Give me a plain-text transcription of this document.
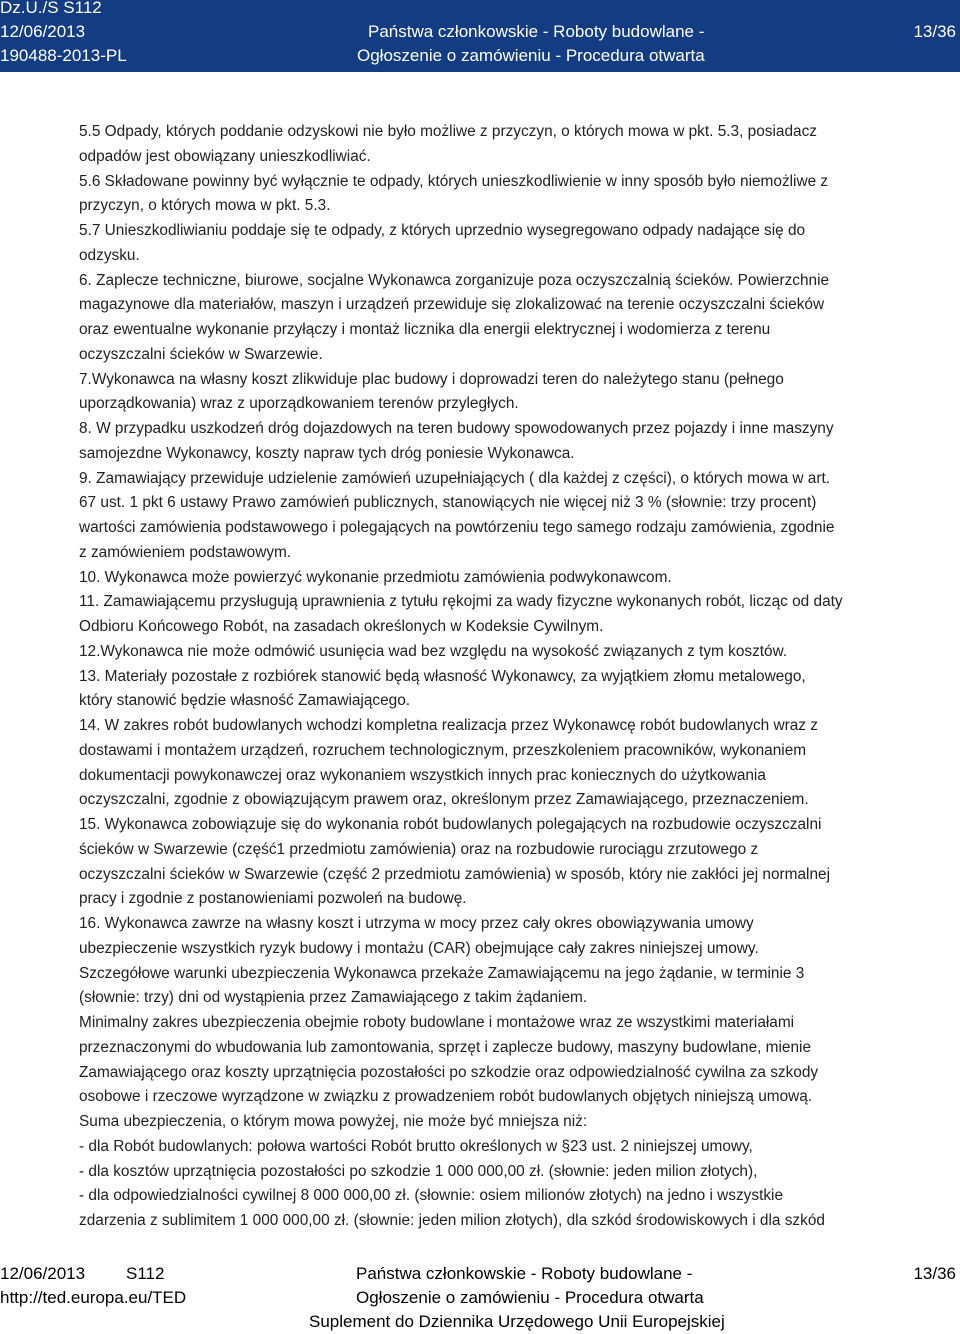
Dz.U./S S112
12/06/2013
190488-2013-PL
Państwa członkowskie - Roboty budowlane -
Ogłoszenie o zamówieniu - Procedura otwarta
13/36

5.5 Odpady, których poddanie odzyskowi nie było możliwe z przyczyn, o których mowa w pkt. 5.3, posiadacz

odpadów jest obowiązany unieszkodliwiać.

5.6 Składowane powinny być wyłącznie te odpady, których unieszkodliwienie w inny sposób było niemożliwe z

przyczyn, o których mowa w pkt. 5.3.

5.7 Unieszkodliwianiu poddaje się te odpady, z których uprzednio wysegregowano odpady nadające się do

odzysku.

6. Zaplecze techniczne, biurowe, socjalne Wykonawca zorganizuje poza oczyszczalnią ścieków. Powierzchnie

magazynowe dla materiałów, maszyn i urządzeń przewiduje się zlokalizować na terenie oczyszczalni ścieków

oraz ewentualne wykonanie przyłączy i montaż licznika dla energii elektrycznej i wodomierza z terenu

oczyszczalni ścieków w Swarzewie.

7.Wykonawca na własny koszt zlikwiduje plac budowy i doprowadzi teren do należytego stanu (pełnego

uporządkowania) wraz z uporządkowaniem terenów przyległych.

8. W przypadku uszkodzeń dróg dojazdowych na teren budowy spowodowanych przez pojazdy i inne maszyny

samojezdne Wykonawcy, koszty napraw tych dróg poniesie Wykonawca.

9. Zamawiający przewiduje udzielenie zamówień uzupełniających ( dla każdej z części), o których mowa w art.

67 ust. 1 pkt 6 ustawy Prawo zamówień publicznych, stanowiących nie więcej niż 3 % (słownie: trzy procent)

wartości zamówienia podstawowego i polegających na powtórzeniu tego samego rodzaju zamówienia, zgodnie

z zamówieniem podstawowym.

10. Wykonawca może powierzyć wykonanie przedmiotu zamówienia podwykonawcom.

11. Zamawiającemu przysługują uprawnienia z tytułu rękojmi za wady fizyczne wykonanych robót, licząc od daty

Odbioru Końcowego Robót, na zasadach określonych w Kodeksie Cywilnym.

12.Wykonawca nie może odmówić usunięcia wad bez względu na wysokość związanych z tym kosztów.

13. Materiały pozostałe z rozbiórek stanowić będą własność Wykonawcy, za wyjątkiem złomu metalowego,

który stanowić będzie własność Zamawiającego.

14. W zakres robót budowlanych wchodzi kompletna realizacja przez Wykonawcę robót budowlanych wraz z

dostawami i montażem urządzeń, rozruchem technologicznym, przeszkoleniem pracowników, wykonaniem

dokumentacji powykonawczej oraz wykonaniem wszystkich innych prac koniecznych do użytkowania

oczyszczalni, zgodnie z obowiązującym prawem oraz, określonym przez Zamawiającego, przeznaczeniem.

15. Wykonawca zobowiązuje się do wykonania robót budowlanych polegających na rozbudowie oczyszczalni

ścieków w Swarzewie (część1 przedmiotu zamówienia) oraz na rozbudowie rurociągu zrzutowego z

oczyszczalni ścieków w Swarzewie (część 2 przedmiotu zamówienia) w sposób, który nie zakłóci jej normalnej

pracy i zgodnie z postanowieniami pozwoleń na budowę.

16. Wykonawca zawrze na własny koszt i utrzyma w mocy przez cały okres obowiązywania umowy

ubezpieczenie wszystkich ryzyk budowy i montażu (CAR) obejmujące cały zakres niniejszej umowy.

Szczegółowe warunki ubezpieczenia Wykonawca przekaże Zamawiającemu na jego żądanie, w terminie 3

(słownie: trzy) dni od wystąpienia przez Zamawiającego z takim żądaniem.

Minimalny zakres ubezpieczenia obejmie roboty budowlane i montażowe wraz ze wszystkimi materiałami

przeznaczonymi do wbudowania lub zamontowania, sprzęt i zaplecze budowy, maszyny budowlane, mienie

Zamawiającego oraz koszty uprzątnięcia pozostałości po szkodzie oraz odpowiedzialność cywilna za szkody

osobowe i rzeczowe wyrządzone w związku z prowadzeniem robót budowlanych objętych niniejszą umową.

Suma ubezpieczenia, o którym mowa powyżej, nie może być mniejsza niż:

- dla Robót budowlanych: połowa wartości Robót brutto określonych w §23 ust. 2 niniejszej umowy,

- dla kosztów uprzątnięcia pozostałości po szkodzie 1 000 000,00 zł. (słownie: jeden milion złotych),

- dla odpowiedzialności cywilnej 8 000 000,00 zł. (słownie: osiem milionów złotych) na jedno i wszystkie

zdarzenia z sublimitem 1 000 000,00 zł. (słownie: jeden milion złotych), dla szkód środowiskowych i dla szkód

12/06/2013 S112
http://ted.europa.eu/TED
Państwa członkowskie - Roboty budowlane -
Ogłoszenie o zamówieniu - Procedura otwarta
Suplement do Dziennika Urzędowego Unii Europejskiej
13/36
